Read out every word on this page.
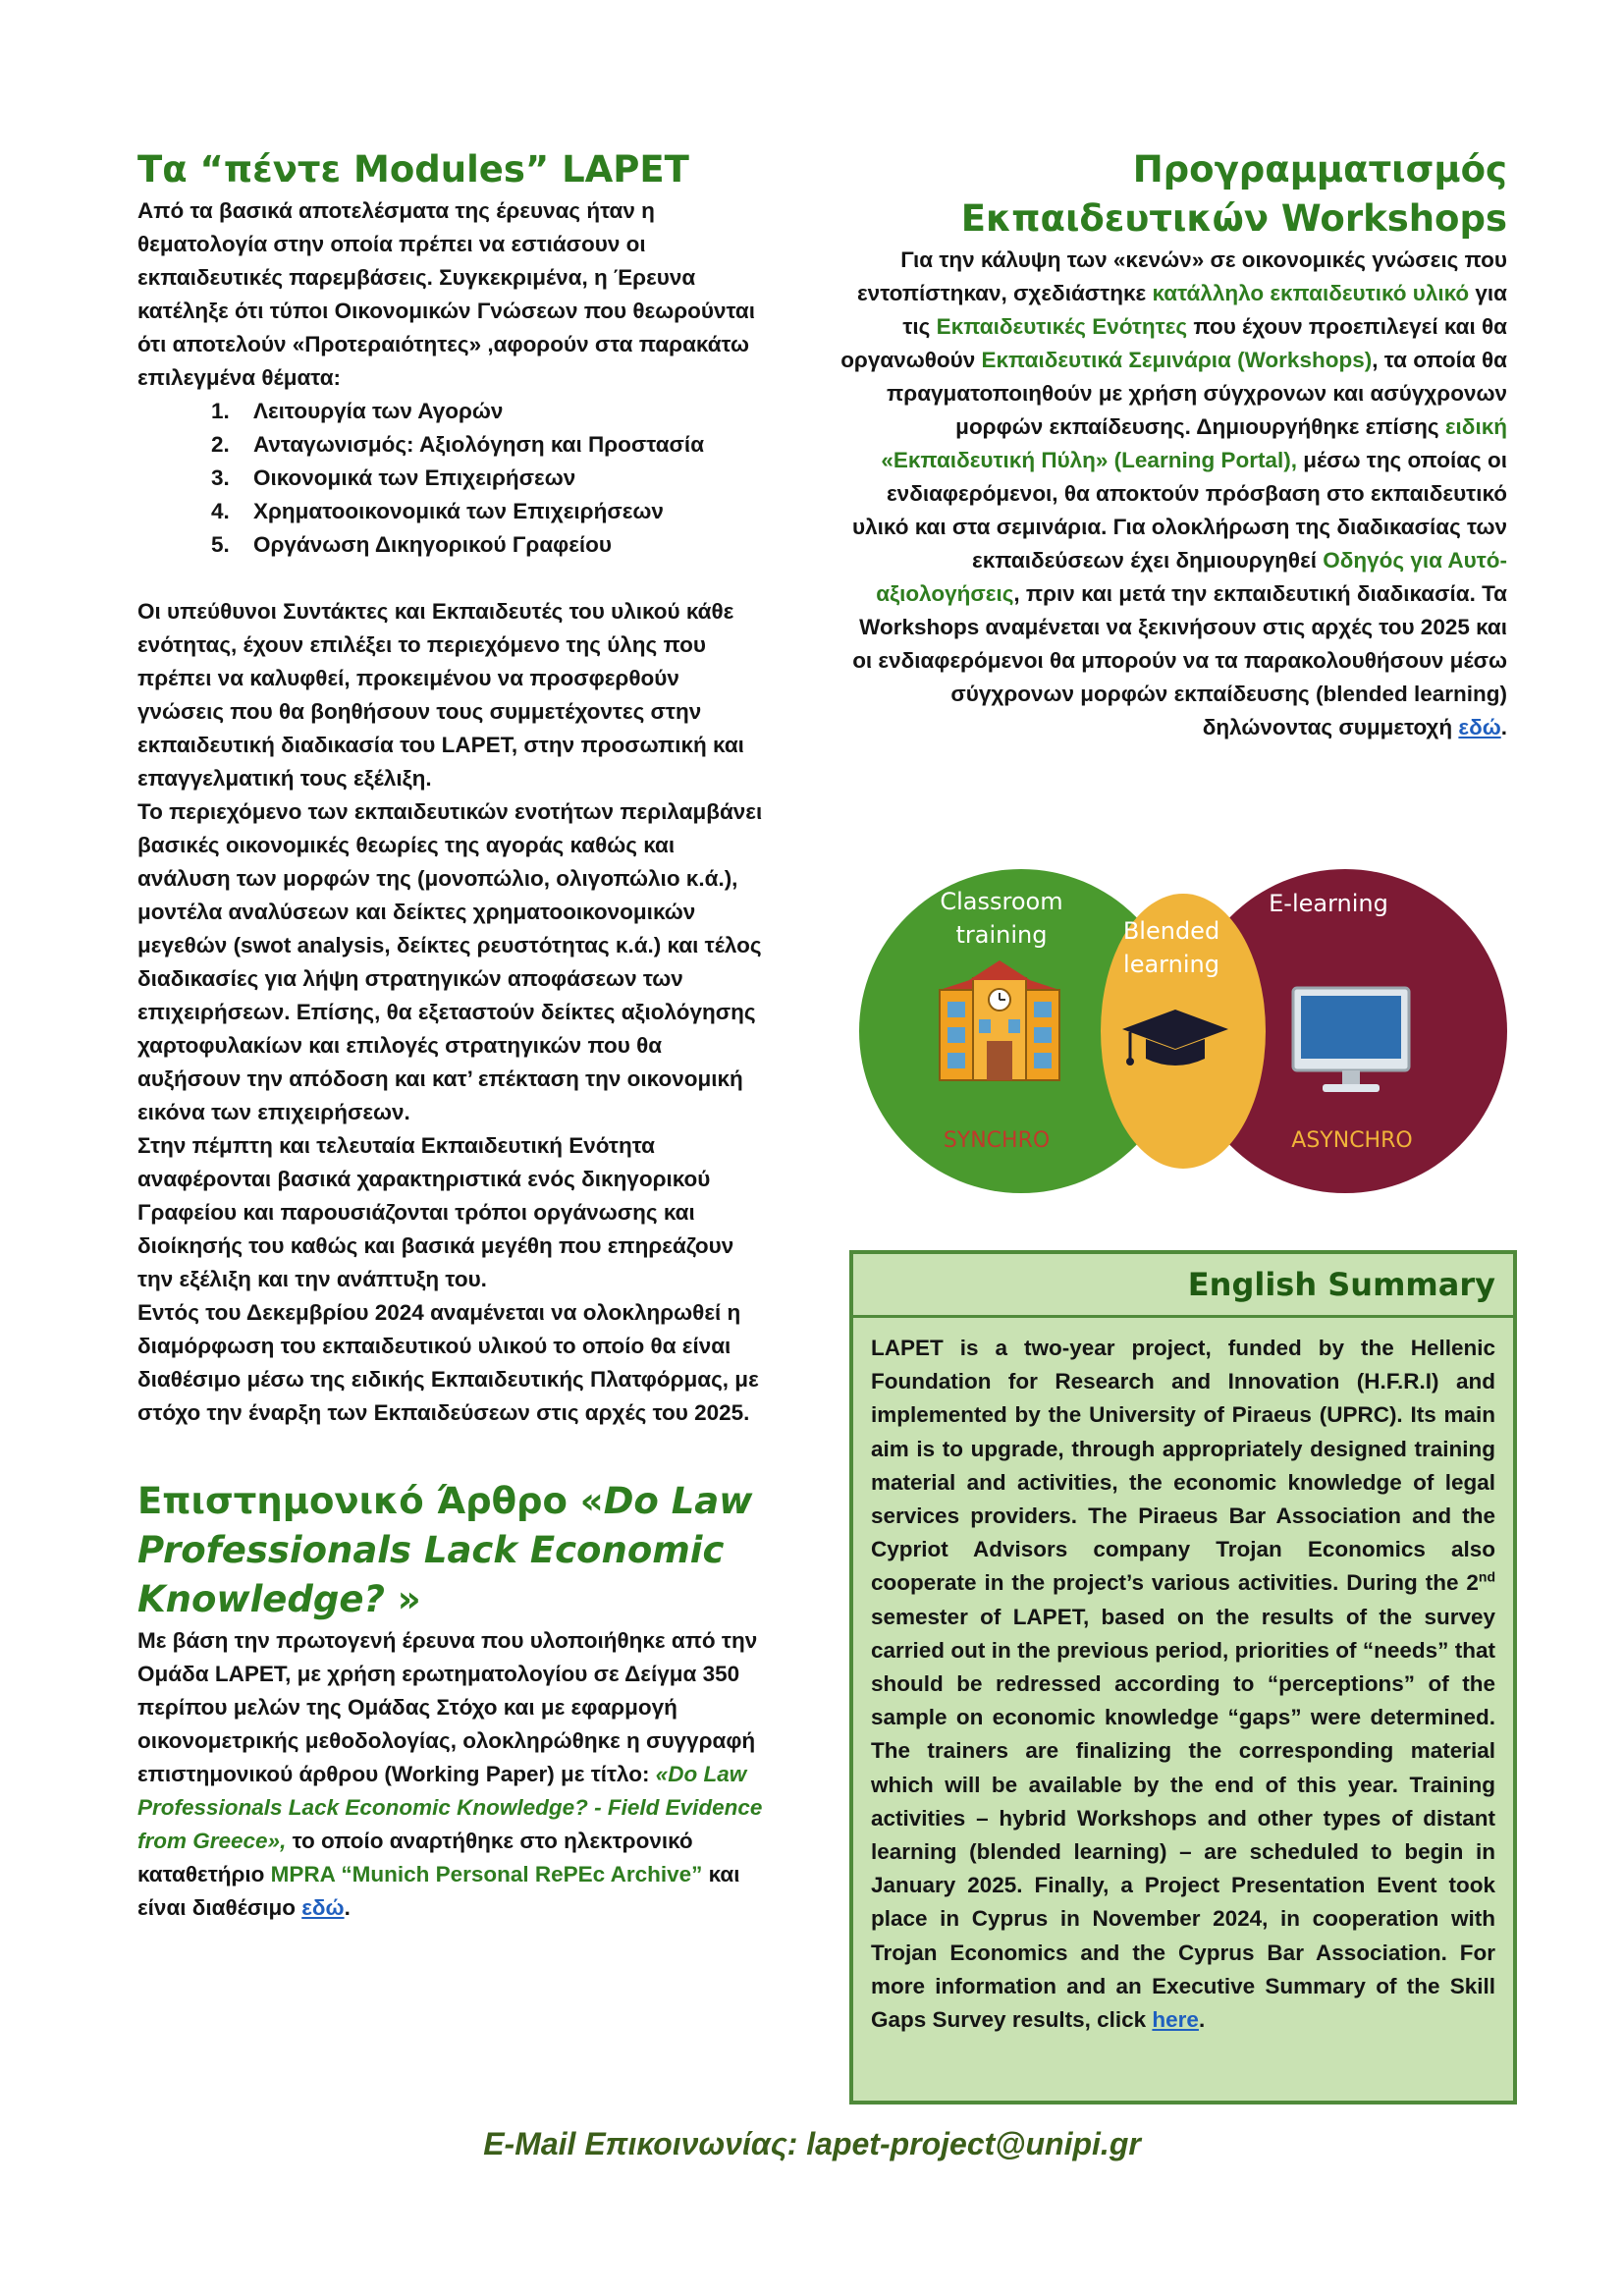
Τα “πέντε Modules” LAPET

Από τα βασικά αποτελέσματα της έρευνας ήταν η θεματολογία στην οποία πρέπει να εστιάσουν οι εκπαιδευτικές παρεμβάσεις. Συγκεκριμένα, η Έρευνα κατέληξε ότι τύποι Οικονομικών Γνώσεων που θεωρούνται ότι αποτελούν «Προτεραιότητες» ,αφορούν στα παρακάτω επιλεγμένα θέματα:

1. Λειτουργία των Αγορών
2. Ανταγωνισμός: Αξιολόγηση και Προστασία
3. Οικονομικά των Επιχειρήσεων
4. Χρηματοοικονομικά των Επιχειρήσεων
5. Οργάνωση Δικηγορικού Γραφείου

Οι υπεύθυνοι Συντάκτες και Εκπαιδευτές του υλικού κάθε ενότητας, έχουν επιλέξει το περιεχόμενο της ύλης που πρέπει να καλυφθεί, προκειμένου να προσφερθούν γνώσεις που θα βοηθήσουν τους συμμετέχοντες στην εκπαιδευτική διαδικασία του LAPET, στην προσωπική και επαγγελματική τους εξέλιξη.

Το περιεχόμενο των εκπαιδευτικών ενοτήτων περιλαμβάνει βασικές οικονομικές θεωρίες της αγοράς καθώς και ανάλυση των μορφών της (μονοπώλιο, ολιγοπώλιο κ.ά.), μοντέλα αναλύσεων και δείκτες χρηματοοικονομικών μεγεθών (swot analysis, δείκτες ρευστότητας κ.ά.) και τέλος διαδικασίες για λήψη στρατηγικών αποφάσεων των επιχειρήσεων. Επίσης, θα εξεταστούν δείκτες αξιολόγησης χαρτοφυλακίων και επιλογές στρατηγικών που θα αυξήσουν την απόδοση και κατ’ επέκταση την οικονομική εικόνα των επιχειρήσεων.

Στην πέμπτη και τελευταία Εκπαιδευτική Ενότητα αναφέρονται βασικά χαρακτηριστικά ενός δικηγορικού Γραφείου και παρουσιάζονται τρόποι οργάνωσης και διοίκησής του καθώς και βασικά μεγέθη που επηρεάζουν την εξέλιξη και την ανάπτυξη του.

Εντός του Δεκεμβρίου 2024 αναμένεται να ολοκληρωθεί η διαμόρφωση του εκπαιδευτικού υλικού το οποίο θα είναι διαθέσιμο μέσω της ειδικής Εκπαιδευτικής Πλατφόρμας, με στόχο την έναρξη των Εκπαιδεύσεων στις αρχές του 2025.

Επιστημονικό Άρθρο «Do Law Professionals Lack Economic Knowledge? »

Με βάση την πρωτογενή έρευνα που υλοποιήθηκε από την Ομάδα LAPET, με χρήση ερωτηματολογίου σε Δείγμα 350 περίπου μελών της Ομάδας Στόχο και με εφαρμογή οικονομετρικής μεθοδολογίας, ολοκληρώθηκε η συγγραφή επιστημονικού άρθρου (Working Paper) με τίτλο: «Do Law Professionals Lack Economic Knowledge? - Field Evidence from Greece», το οποίο αναρτήθηκε στο ηλεκτρονικό καταθετήριο MPRA “Munich Personal RePEc Archive” και είναι διαθέσιμο εδώ.

Προγραμματισμός
Εκπαιδευτικών Workshops

Για την κάλυψη των «κενών» σε οικονομικές γνώσεις που εντοπίστηκαν, σχεδιάστηκε κατάλληλο εκπαιδευτικό υλικό για τις Εκπαιδευτικές Ενότητες που έχουν προεπιλεγεί και θα οργανωθούν Εκπαιδευτικά Σεμινάρια (Workshops), τα οποία θα πραγματοποιηθούν με χρήση σύγχρονων και ασύγχρονων μορφών εκπαίδευσης. Δημιουργήθηκε επίσης ειδική «Εκπαιδευτική Πύλη» (Learning Portal), μέσω της οποίας οι ενδιαφερόμενοι, θα αποκτούν πρόσβαση στο εκπαιδευτικό υλικό και στα σεμινάρια. Για ολοκλήρωση της διαδικασίας των εκπαιδεύσεων έχει δημιουργηθεί Οδηγός για Αυτό-αξιολογήσεις, πριν και μετά την εκπαιδευτική διαδικασία. Τα Workshops αναμένεται να ξεκινήσουν στις αρχές του 2025 και οι ενδιαφερόμενοι θα μπορούν να τα παρακολουθήσουν μέσω σύγχρονων μορφών εκπαίδευσης (blended learning) δηλώνοντας συμμετοχή εδώ.

Classroom
training	Blended
learning
E-learning
SYNCHRO	ASYNCHRO
English Summary
LAPET is a two-year project, funded by the Hellenic Foundation for Research and Innovation (H.F.R.I) and implemented by the University of Piraeus (UPRC). Its main aim is to upgrade, through appropriately designed training material and activities, the economic knowledge of legal services providers. The Piraeus Bar Association and the Cypriot Advisors company Trojan Economics also cooperate in the project’s various activities. During the 2nd semester of LAPET, based on the results of the survey carried out in the previous period, priorities of “needs” that should be redressed according to “perceptions” of the sample on economic knowledge “gaps” were determined. The trainers are finalizing the corresponding material which will be available by the end of this year. Training activities – hybrid Workshops and other types of distant learning (blended learning) – are scheduled to begin in January 2025. Finally, a Project Presentation Event took place in Cyprus in November 2024, in cooperation with Trojan Economics and the Cyprus Bar Association. For more information and an Executive Summary of the Skill Gaps Survey results, click here.
E-Mail Επικοινωνίας: lapet-project@unipi.gr
